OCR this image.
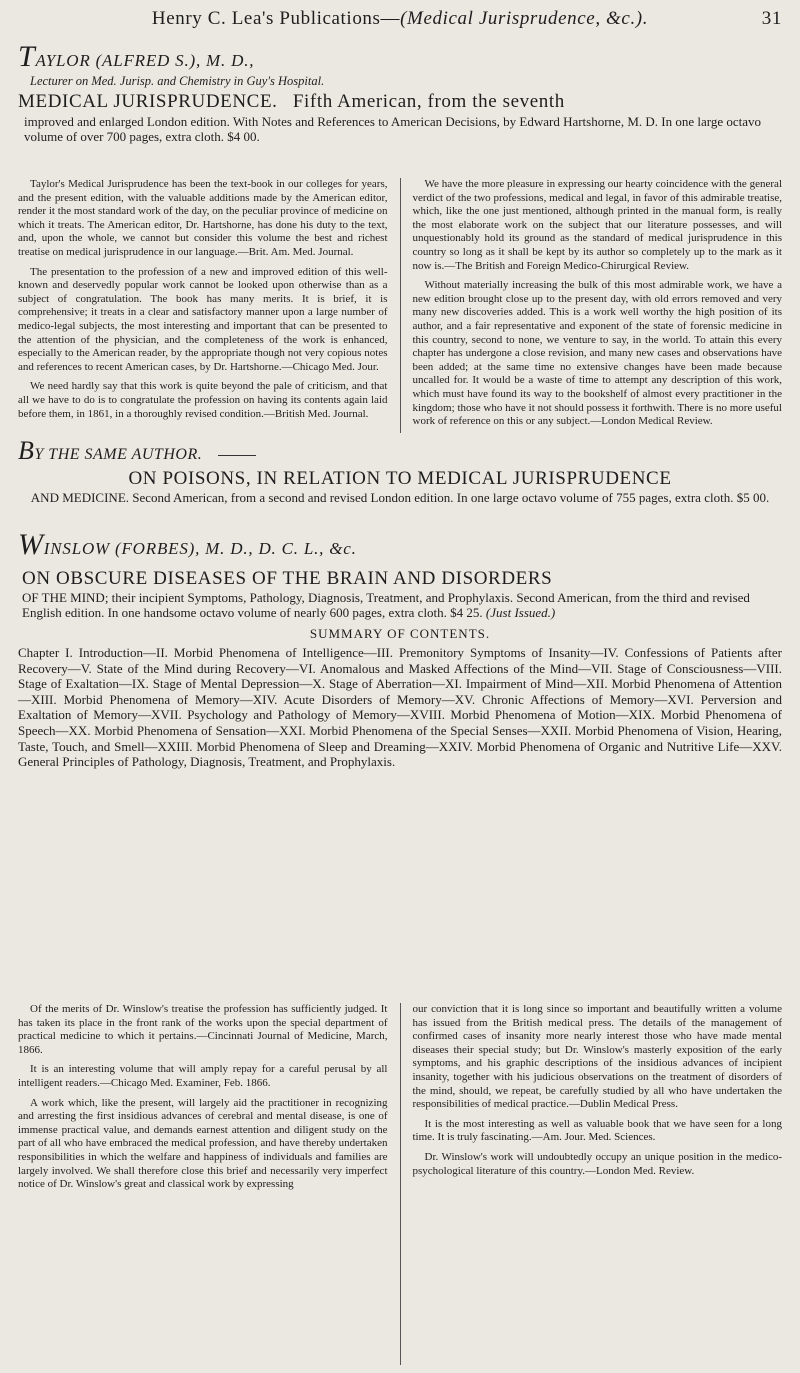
Henry C. Lea's Publications—(Medical Jurisprudence, &c.).	31
TAYLOR (ALFRED S.), M. D.,
Lecturer on Med. Jurisp. and Chemistry in Guy's Hospital.
MEDICAL JURISPRUDENCE. Fifth American, from the seventh
improved and enlarged London edition. With Notes and References to American Decisions, by Edward Hartshorne, M. D. In one large octavo volume of over 700 pages, extra cloth. $4 00.

Taylor's Medical Jurisprudence has been the text-book in our colleges for years, and the present edition, with the valuable additions made by the American editor, render it the most standard work of the day, on the peculiar province of medicine on which it treats. The American editor, Dr. Hartshorne, has done his duty to the text, and, upon the whole, we cannot but consider this volume the best and richest treatise on medical jurisprudence in our language.—Brit. Am. Med. Journal.

The presentation to the profession of a new and improved edition of this well-known and deservedly popular work cannot be looked upon otherwise than as a subject of congratulation. The book has many merits. It is brief, it is comprehensive; it treats in a clear and satisfactory manner upon a large number of medico-legal subjects, the most interesting and important that can be presented to the attention of the physician, and the completeness of the work is enhanced, especially to the American reader, by the appropriate though not very copious notes and references to recent American cases, by Dr. Hartshorne.—Chicago Med. Jour.

We need hardly say that this work is quite beyond the pale of criticism, and that all we have to do is to congratulate the profession on having its contents again laid before them, in 1861, in a thoroughly revised condition.—British Med. Journal.

We have the more pleasure in expressing our hearty coincidence with the general verdict of the two professions, medical and legal, in favor of this admirable treatise, which, like the one just mentioned, although printed in the manual form, is really the most elaborate work on the subject that our literature possesses, and will unquestionably hold its ground as the standard of medical jurisprudence in this country so long as it shall be kept by its author so completely up to the mark as it now is.—The British and Foreign Medico-Chirurgical Review.

Without materially increasing the bulk of this most admirable work, we have a new edition brought close up to the present day, with old errors removed and very many new discoveries added. This is a work well worthy the high position of its author, and a fair representative and exponent of the state of forensic medicine in this country, second to none, we venture to say, in the world. To attain this every chapter has undergone a close revision, and many new cases and observations have been added; at the same time no extensive changes have been made because uncalled for. It would be a waste of time to attempt any description of this work, which must have found its way to the bookshelf of almost every practitioner in the kingdom; those who have it not should possess it forthwith. There is no more useful work of reference on this or any subject.—London Medical Review.

BY THE SAME AUTHOR.
ON POISONS, IN RELATION TO MEDICAL JURISPRUDENCE
AND MEDICINE. Second American, from a second and revised London edition. In one large octavo volume of 755 pages, extra cloth. $5 00.
WINSLOW (FORBES), M. D., D. C. L., &c.
ON OBSCURE DISEASES OF THE BRAIN AND DISORDERS
OF THE MIND; their incipient Symptoms, Pathology, Diagnosis, Treatment, and Prophylaxis. Second American, from the third and revised English edition. In one handsome octavo volume of nearly 600 pages, extra cloth. $4 25. (Just Issued.)
SUMMARY OF CONTENTS.
Chapter I. Introduction—II. Morbid Phenomena of Intelligence—III. Premonitory Symptoms of Insanity—IV. Confessions of Patients after Recovery—V. State of the Mind during Recovery—VI. Anomalous and Masked Affections of the Mind—VII. Stage of Consciousness—VIII. Stage of Exaltation—IX. Stage of Mental Depression—X. Stage of Aberration—XI. Impairment of Mind—XII. Morbid Phenomena of Attention—XIII. Morbid Phenomena of Memory—XIV. Acute Disorders of Memory—XV. Chronic Affections of Memory—XVI. Perversion and Exaltation of Memory—XVII. Psychology and Pathology of Memory—XVIII. Morbid Phenomena of Motion—XIX. Morbid Phenomena of Speech—XX. Morbid Phenomena of Sensation—XXI. Morbid Phenomena of the Special Senses—XXII. Morbid Phenomena of Vision, Hearing, Taste, Touch, and Smell—XXIII. Morbid Phenomena of Sleep and Dreaming—XXIV. Morbid Phenomena of Organic and Nutritive Life—XXV. General Principles of Pathology, Diagnosis, Treatment, and Prophylaxis.

Of the merits of Dr. Winslow's treatise the profession has sufficiently judged. It has taken its place in the front rank of the works upon the special department of practical medicine to which it pertains.—Cincinnati Journal of Medicine, March, 1866.

It is an interesting volume that will amply repay for a careful perusal by all intelligent readers.—Chicago Med. Examiner, Feb. 1866.

A work which, like the present, will largely aid the practitioner in recognizing and arresting the first insidious advances of cerebral and mental disease, is one of immense practical value, and demands earnest attention and diligent study on the part of all who have embraced the medical profession, and have thereby undertaken responsibilities in which the welfare and happiness of individuals and families are largely involved. We shall therefore close this brief and necessarily very imperfect notice of Dr. Winslow's great and classical work by expressing

our conviction that it is long since so important and beautifully written a volume has issued from the British medical press. The details of the management of confirmed cases of insanity more nearly interest those who have made mental diseases their special study; but Dr. Winslow's masterly exposition of the early symptoms, and his graphic descriptions of the insidious advances of incipient insanity, together with his judicious observations on the treatment of disorders of the mind, should, we repeat, be carefully studied by all who have undertaken the responsibilities of medical practice.—Dublin Medical Press.

It is the most interesting as well as valuable book that we have seen for a long time. It is truly fascinating.—Am. Jour. Med. Sciences.

Dr. Winslow's work will undoubtedly occupy an unique position in the medico-psychological literature of this country.—London Med. Review.
